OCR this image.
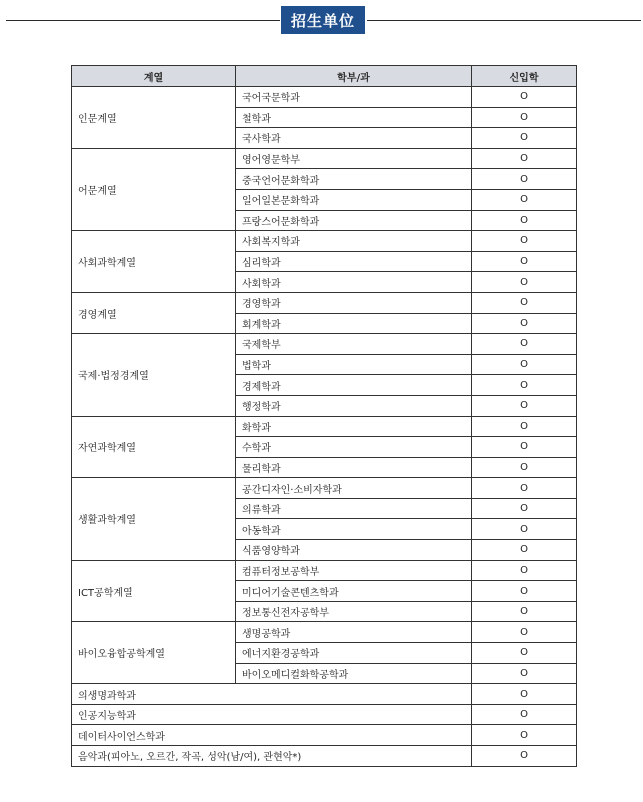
招生单位
계열	학부/과	신입학
인문계열	국어국문학과	O
	철학과	O
	국사학과	O
어문계열	영어영문학부	O
	중국언어문화학과	O
	일어일본문화학과	O
	프랑스어문화학과	O
사회과학계열	사회복지학과	O
	심리학과	O
	사회학과	O
경영계열	경영학과	O
	회계학과	O
국제·법정경계열	국제학부	O
	법학과	O
	경제학과	O
	행정학과	O
자연과학계열	화학과	O
	수학과	O
	물리학과	O
생활과학계열	공간디자인·소비자학과	O
	의류학과	O
	아동학과	O
	식품영양학과	O
ICT공학계열	컴퓨터정보공학부	O
	미디어기술콘텐츠학과	O
	정보통신전자공학부	O
바이오융합공학계열	생명공학과	O
	에너지환경공학과	O
	바이오메디컬화학공학과	O
의생명과학과		O
인공지능학과		O
데이터사이언스학과		O
음악과(피아노, 오르간, 작곡, 성악(남/여), 관현악*)		O
